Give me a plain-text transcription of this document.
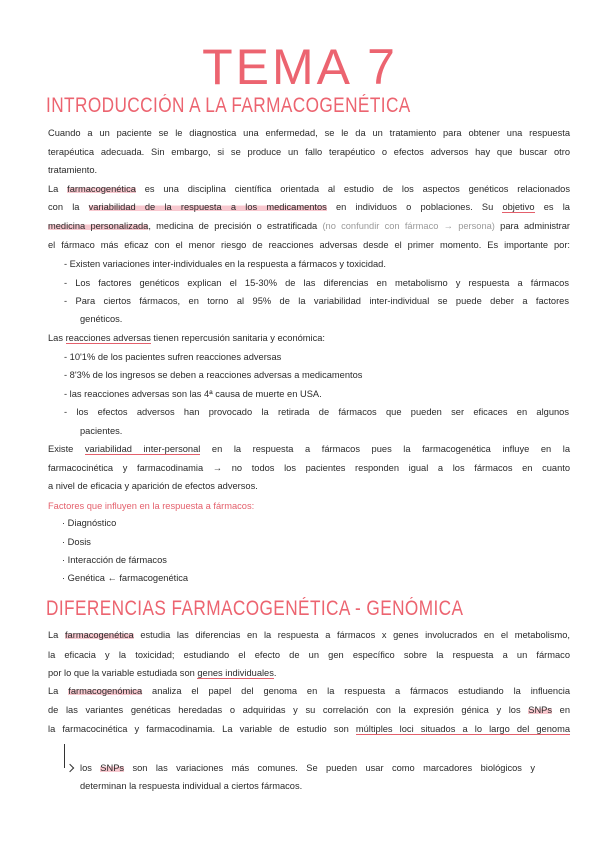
TEMA 7
INTRODUCCIÓN A LA FARMACOGENÉTICA
DIFERENCIAS FARMACOGENÉTICA - GENÓMICA
Cuando a un paciente se le diagnostica una enfermedad, se le da un tratamiento para obtener una respuesta
terapéutica adecuada. Sin embargo, si se produce un fallo terapéutico o efectos adversos hay que buscar otro
tratamiento.
La farmacogenética es una disciplina científica orientada al estudio de los aspectos genéticos relacionados
con la variabilidad de la respuesta a los medicamentos en individuos o poblaciones. Su objetivo es la
medicina personalizada, medicina de precisión o estratificada (no confundir con fármaco → persona) para administrar
el fármaco más eficaz con el menor riesgo de reacciones adversas desde el primer momento. Es importante por:
- Existen variaciones inter-individuales en la respuesta a fármacos y toxicidad.
- Los factores genéticos explican el 15-30% de las diferencias en metabolismo y respuesta a fármacos
- Para ciertos fármacos, en torno al 95% de la variabilidad inter-individual se puede deber a factores
genéticos.
Las reacciones adversas tienen repercusión sanitaria y económica:
- 10'1% de los pacientes sufren reacciones adversas
- 8'3% de los ingresos se deben a reacciones adversas a medicamentos
- las reacciones adversas son las 4ª causa de muerte en USA.
- los efectos adversos han provocado la retirada de fármacos que pueden ser eficaces en algunos
pacientes.
Existe variabilidad inter-personal en la respuesta a fármacos pues la farmacogenética influye en la
farmacocinética y farmacodinamia → no todos los pacientes responden igual a los fármacos en cuanto
a nivel de eficacia y aparición de efectos adversos.
Factores que influyen en la respuesta a fármacos:
· Diagnóstico
· Dosis
· Interacción de fármacos
· Genética ← farmacogenética
La farmacogenética estudia las diferencias en la respuesta a fármacos x genes involucrados en el metabolismo,
la eficacia y la toxicidad; estudiando el efecto de un gen específico sobre la respuesta a un fármaco
por lo que la variable estudiada son genes individuales.
La farmacogenómica analiza el papel del genoma en la respuesta a fármacos estudiando la influencia
de las variantes genéticas heredadas o adquiridas y su correlación con la expresión génica y los SNPs en
la farmacocinética y farmacodinamia. La variable de estudio son múltiples loci situados a lo largo del genoma
los SNPs son las variaciones más comunes. Se pueden usar como marcadores biológicos y
determinan la respuesta individual a ciertos fármacos.
